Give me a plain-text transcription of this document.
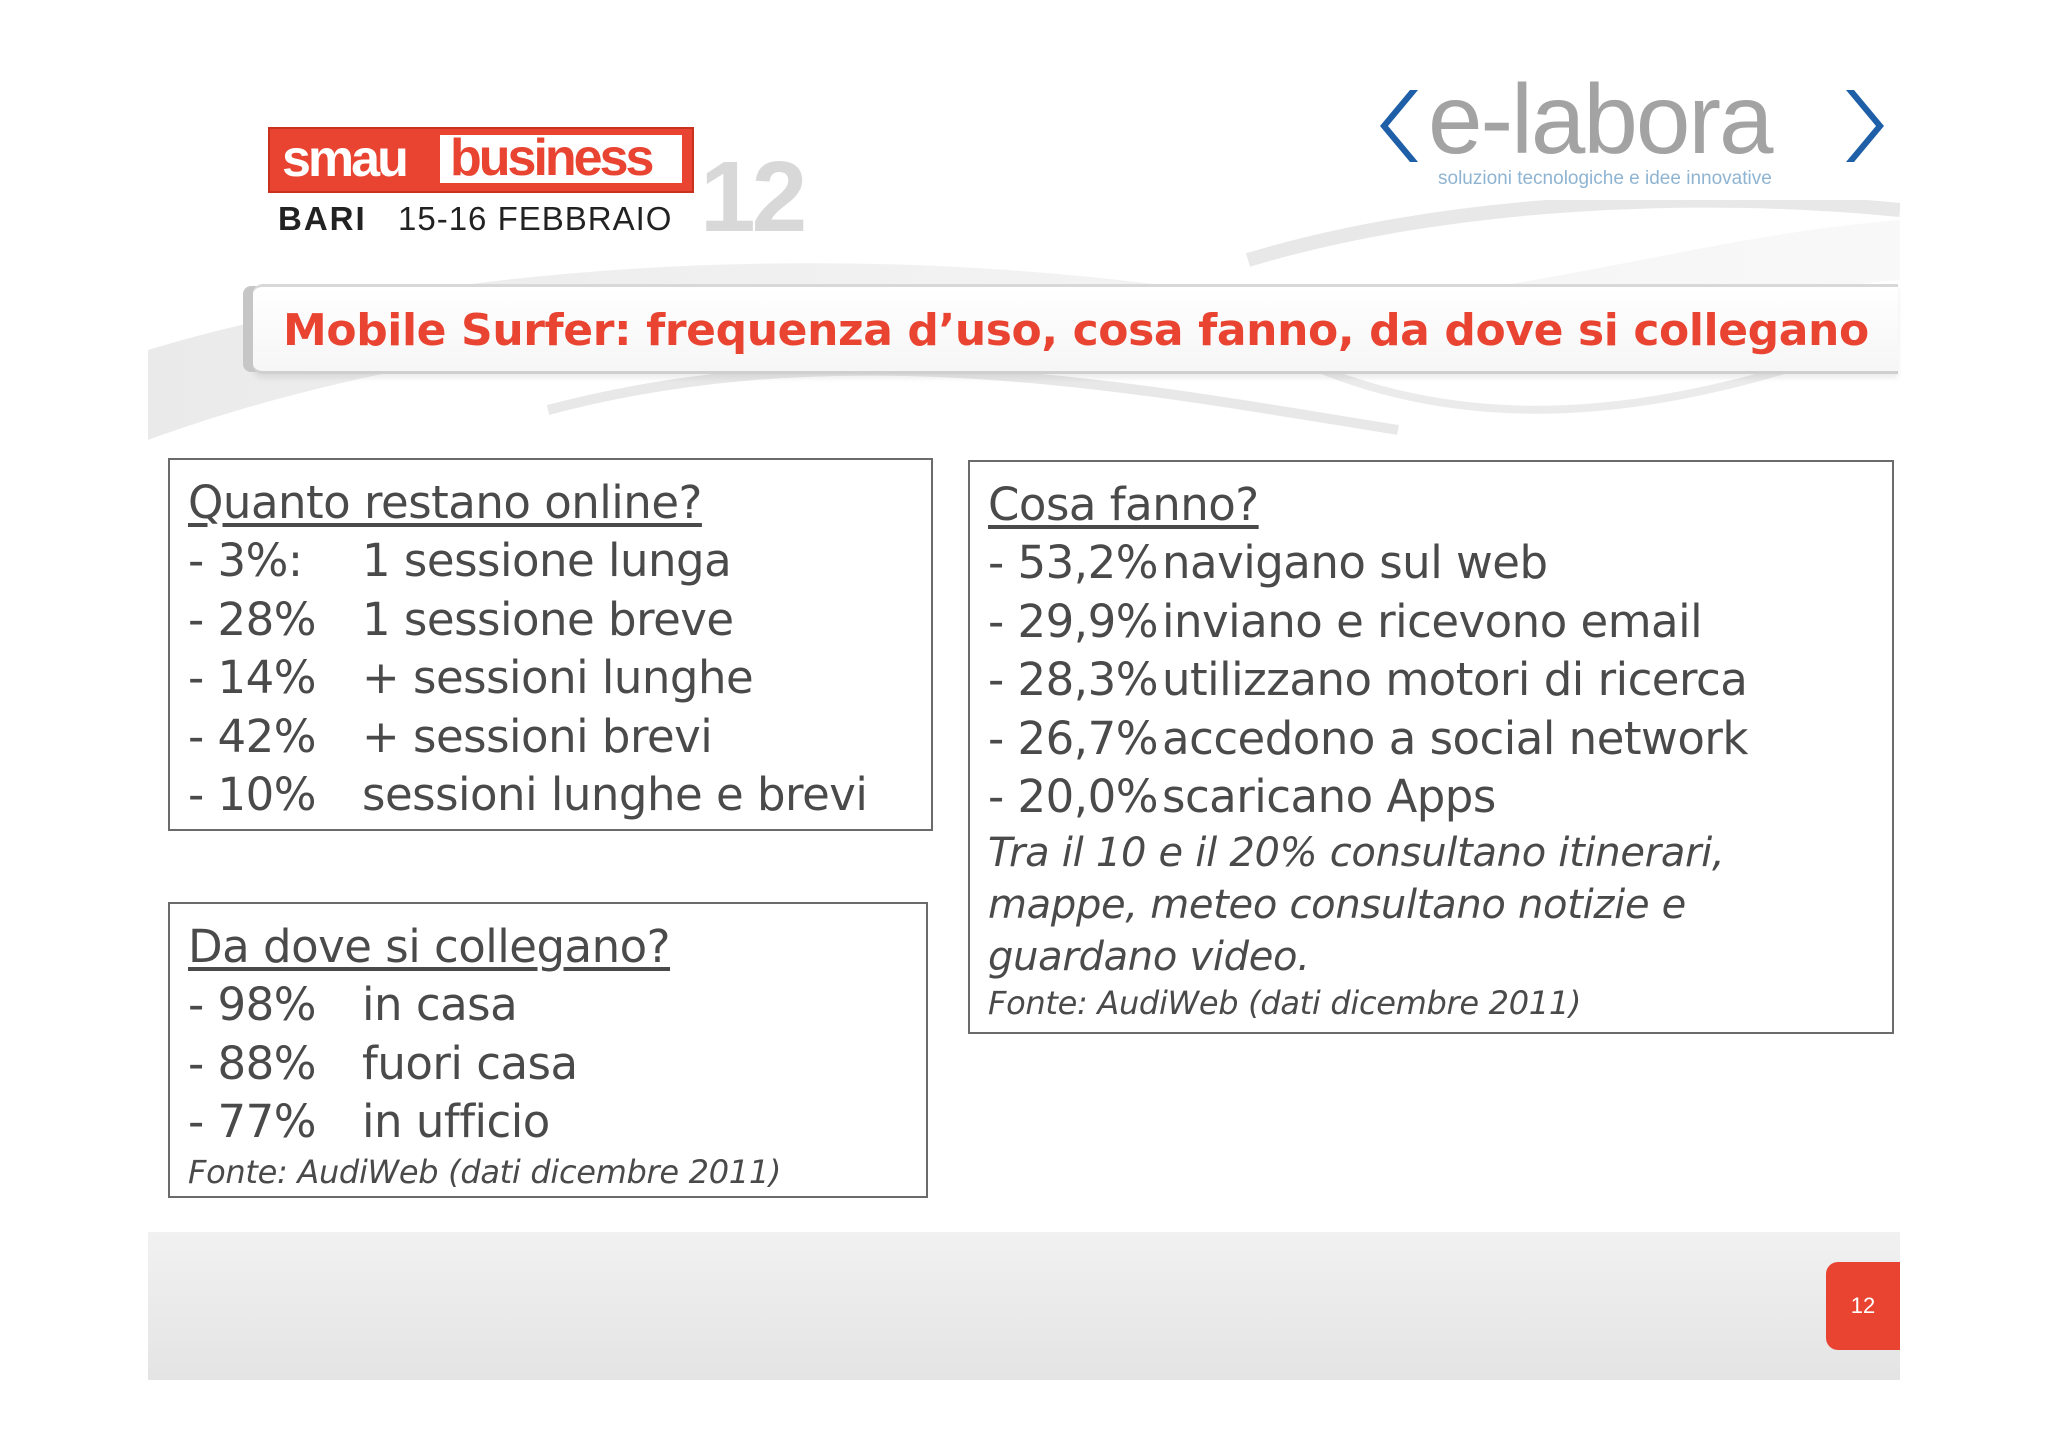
smau business 12
BARI 15-16 FEBBRAIO
e-labora
soluzioni tecnologiche e idee innovative
Mobile Surfer: frequenza d’uso, cosa fanno, da dove si collegano
Quanto restano online?
- 3%: 1 sessione lunga
- 28% 1 sessione breve
- 14% + sessioni lunghe
- 42% + sessioni brevi
- 10% sessioni lunghe e brevi
Da dove si collegano?
- 98% in casa
- 88% fuori casa
- 77% in ufficio
Fonte: AudiWeb (dati dicembre 2011)
Cosa fanno?
- 53,2% navigano sul web
- 29,9% inviano e ricevono email
- 28,3% utilizzano motori di ricerca
- 26,7% accedono a social network
- 20,0% scaricano Apps
Tra il 10 e il 20% consultano itinerari,
mappe, meteo consultano notizie e
guardano video.
Fonte: AudiWeb (dati dicembre 2011)
12
